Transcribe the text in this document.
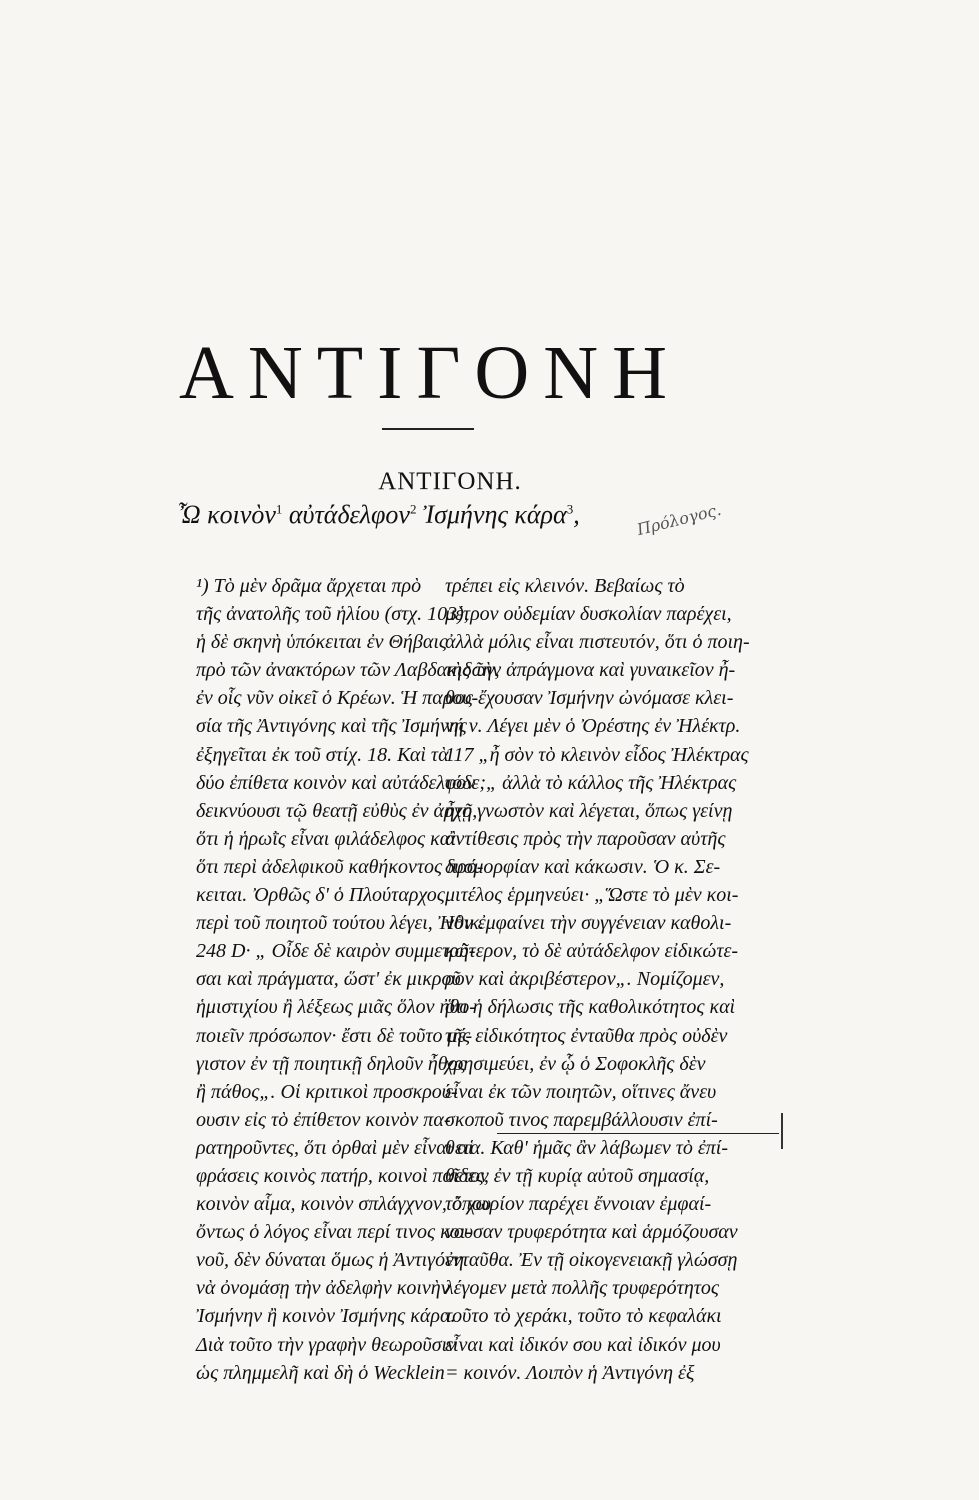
ΑΝΤΙΓΟΝΗ
ΑΝΤΙΓΟΝΗ.
Ὦ κοινὸν$^1$ αὐτάδελφον$^2$ Ἰσμήνης κάρα$^3$,	Πρόλογος.
¹) Τὸ μὲν δρᾶμα ἄρχεται πρὸ
τῆς ἀνατολῆς τοῦ ἡλίου (στχ. 103),
ἡ δὲ σκηνὴ ὑπόκειται ἐν Θήβαις
πρὸ τῶν ἀνακτόρων τῶν Λαβδακιδῶν,
ἐν οἷς νῦν οἰκεῖ ὁ Κρέων. Ἡ παρου-
σία τῆς Ἀντιγόνης καὶ τῆς Ἰσμήνης
ἐξηγεῖται ἐκ τοῦ στίχ. 18. Καὶ τὰ
δύο ἐπίθετα κοινὸν καὶ αὐτάδελφον
δεικνύουσι τῷ θεατῇ εὐθὺς ἐν ἀρχῇ,
ὅτι ἡ ἡρωῒς εἶναι φιλάδελφος καὶ
ὅτι περὶ ἀδελφικοῦ καθήκοντος πρό-
κειται. Ὀρθῶς δ' ὁ Πλούταρχος
περὶ τοῦ ποιητοῦ τούτου λέγει, Ἠθικ.
248 D· „ Οἶδε δὲ καιρὸν συμμετρῆ-
σαι καὶ πράγματα, ὥστ' ἐκ μικροῦ
ἡμιστιχίου ἢ λέξεως μιᾶς ὅλον ἠθο-
ποιεῖν πρόσωπον· ἔστι δὲ τοῦτο μέ-
γιστον ἐν τῇ ποιητικῇ δηλοῦν ἦθος
ἢ πάθος„. Οἱ κριτικοὶ προσκρού-
ουσιν εἰς τὸ ἐπίθετον κοινὸν πα-
ρατηροῦντες, ὅτι ὀρθαὶ μὲν εἶναι αἱ
φράσεις κοινὸς πατήρ, κοινοὶ παῖδες,
κοινὸν αἷμα, κοινὸν σπλάγχνον, ὅπου
ὄντως ὁ λόγος εἶναι περί τινος κοι-
νοῦ, δὲν δύναται ὅμως ἡ Ἀντιγόνη
νὰ ὀνομάσῃ τὴν ἀδελφὴν κοινὴν
Ἰσμήνην ἢ κοινὸν Ἰσμήνης κάρα.
Διὰ τοῦτο τὴν γραφὴν θεωροῦσιν
ὡς πλημμελῆ καὶ δὴ ὁ Wecklein
τρέπει εἰς κλεινόν. Βεβαίως τὸ
μέτρον οὐδεμίαν δυσκολίαν παρέχει,
ἀλλὰ μόλις εἶναι πιστευτόν, ὅτι ὁ ποιη-
τὴς τὴν ἀπράγμονα καὶ γυναικεῖον ἦ-
θος ἔχουσαν Ἰσμήνην ὠνόμασε κλει-
νή ν. Λέγει μὲν ὁ Ὀρέστης ἐν Ἠλέκτρ.
117 „ἦ σὸν τὸ κλεινὸν εἶδος Ἠλέκτρας
τόδε;„ ἀλλὰ τὸ κάλλος τῆς Ἠλέκτρας
ἦτο γνωστὸν καὶ λέγεται, ὅπως γείνῃ
ἀντίθεσις πρὸς τὴν παροῦσαν αὐτῆς
δυσμορφίαν καὶ κάκωσιν. Ὁ κ. Σε-
μιτέλος ἑρμηνεύει· „Ὥστε τὸ μὲν κοι-
νὸν ἐμφαίνει τὴν συγγένειαν καθολι-
κώτερον, τὸ δὲ αὐτάδελφον εἰδικώτε-
ρον καὶ ἀκριβέστερον„. Νομίζομεν,
ὅτι ἡ δήλωσις τῆς καθολικότητος καὶ
τῆς εἰδικότητος ἐνταῦθα πρὸς οὐδὲν
χρησιμεύει, ἐν ᾧ ὁ Σοφοκλῆς δὲν
εἶναι ἐκ τῶν ποιητῶν, οἵτινες ἄνευ
σκοποῦ τινος παρεμβάλλουσιν ἐπί-
θετα. Καθ' ἡμᾶς ἂν λάβωμεν τὸ ἐπί-
θετον ἐν τῇ κυρίᾳ αὐτοῦ σημασίᾳ,
τὸ χωρίον παρέχει ἔννοιαν ἐμφαί-
νουσαν τρυφερότητα καὶ ἁρμόζουσαν
ἐνταῦθα. Ἐν τῇ οἰκογενειακῇ γλώσσῃ
λέγομεν μετὰ πολλῆς τρυφερότητος
τοῦτο τὸ χεράκι, τοῦτο τὸ κεφαλάκι
εἶναι καὶ ἰδικόν σου καὶ ἰδικόν μου
= κοινόν. Λοιπὸν ἡ Ἀντιγόνη ἐξ
